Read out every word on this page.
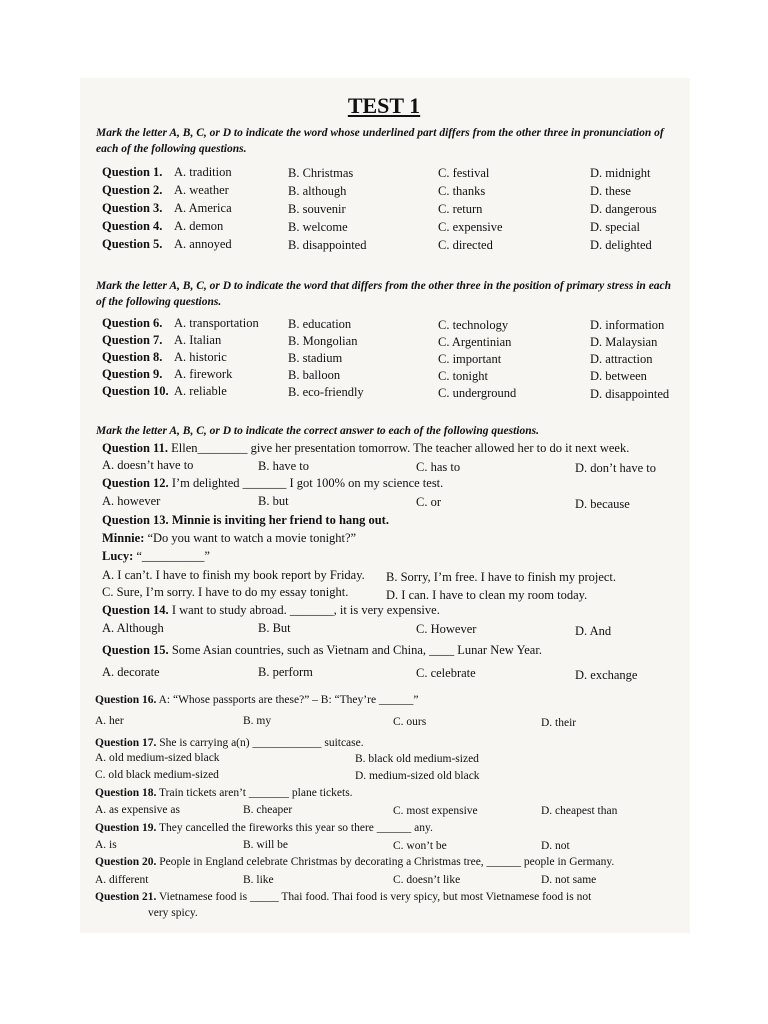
TEST 1
Mark the letter A, B, C, or D to indicate the word whose underlined part differs from the other three in pronunciation of each of the following questions.
Question 1. A. tradition	B. Christmas	C. festival	D. midnight
Question 2. A. weather	B. although	C. thanks	D. these
Question 3. A. America	B. souvenir	C. return	D. dangerous
Question 4. A. demon	B. welcome	C. expensive	D. special
Question 5. A. annoyed	B. disappointed	C. directed	D. delighted
Mark the letter A, B, C, or D to indicate the word that differs from the other three in the position of primary stress in each of the following questions.
Question 6. A. transportation B. education	C. technology	D. information
Question 7. A. Italian	B. Mongolian	C. Argentinian	D. Malaysian
Question 8. A. historic	B. stadium	C. important	D. attraction
Question 9. A. firework	B. balloon	C. tonight	D. between
Question 10. A. reliable	B. eco-friendly	C. underground	D. disappointed
Mark the letter A, B, C, or D to indicate the correct answer to each of the following questions.
Question 11. Ellen________ give her presentation tomorrow. The teacher allowed her to do it next week.
A. doesn’t have to	B. have to	C. has to	D. don’t have to
Question 12. I’m delighted _______ I got 100% on my science test.
A. however	B. but	C. or	D. because
Question 13. Minnie is inviting her friend to hang out.
Minnie: “Do you want to watch a movie tonight?”
Lucy: “__________”
A. I can’t. I have to finish my book report by Friday. B. Sorry, I’m free. I have to finish my project.
C. Sure, I’m sorry. I have to do my essay tonight.	D. I can. I have to clean my room today.
Question 14. I want to study abroad. _______, it is very expensive.
A. Although	B. But	C. However	D. And
Question 15. Some Asian countries, such as Vietnam and China, ____ Lunar New Year.
A. decorate	B. perform	C. celebrate	D. exchange
Question 16. A: “Whose passports are these?” – B: “They’re ______”
A. her	B. my	C. ours	D. their
Question 17. She is carrying a(n) ____________ suitcase.
A. old medium-sized black	B. black old medium-sized
C. old black medium-sized	D. medium-sized old black
Question 18. Train tickets aren’t _______ plane tickets.
A. as expensive as	B. cheaper	C. most expensive	D. cheapest than
Question 19. They cancelled the fireworks this year so there ______ any.
A. is	B. will be	C. won’t be	D. not
Question 20. People in England celebrate Christmas by decorating a Christmas tree, ______ people in Germany.
A. different	B. like	C. doesn’t like	D. not same
Question 21. Vietnamese food is _____ Thai food. Thai food is very spicy, but most Vietnamese food is not
very spicy.
